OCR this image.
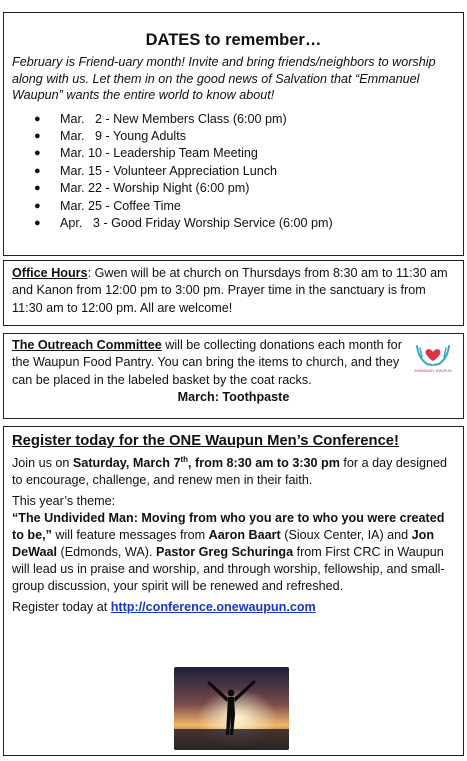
DATES to remember…
February is Friend-uary month! Invite and bring friends/neighbors to worship along with us. Let them in on the good news of Salvation that “Emmanuel Waupun” wants the entire world to know about!
● Mar.   2 - New Members Class (6:00 pm)
● Mar.   9 - Young Adults
● Mar. 10 - Leadership Team Meeting
● Mar. 15 - Volunteer Appreciation Lunch
● Mar. 22 - Worship Night (6:00 pm)
● Mar. 25 - Coffee Time
● Apr.   3 - Good Friday Worship Service (6:00 pm)
Office Hours: Gwen will be at church on Thursdays from 8:30 am to 11:30 am and Kanon from 12:00 pm to 3:00 pm. Prayer time in the sanctuary is from 11:30 am to 12:00 pm. All are welcome!
The Outreach Committee will be collecting donations each month for the Waupun Food Pantry. You can bring the items to church, and they can be placed in the labeled basket by the coat racks.
March: Toothpaste
EMMANUEL WAUPUN
Register today for the ONE Waupun Men’s Conference!
Join us on Saturday, March 7th, from 8:30 am to 3:30 pm for a day designed to encourage, challenge, and renew men in their faith.
This year’s theme:
“The Undivided Man: Moving from who you are to who you were created to be,” will feature messages from Aaron Baart (Sioux Center, IA) and Jon DeWaal (Edmonds, WA). Pastor Greg Schuringa from First CRC in Waupun will lead us in praise and worship, and through worship, fellowship, and small-group discussion, your spirit will be renewed and refreshed.
Register today at http://conference.onewaupun.com
